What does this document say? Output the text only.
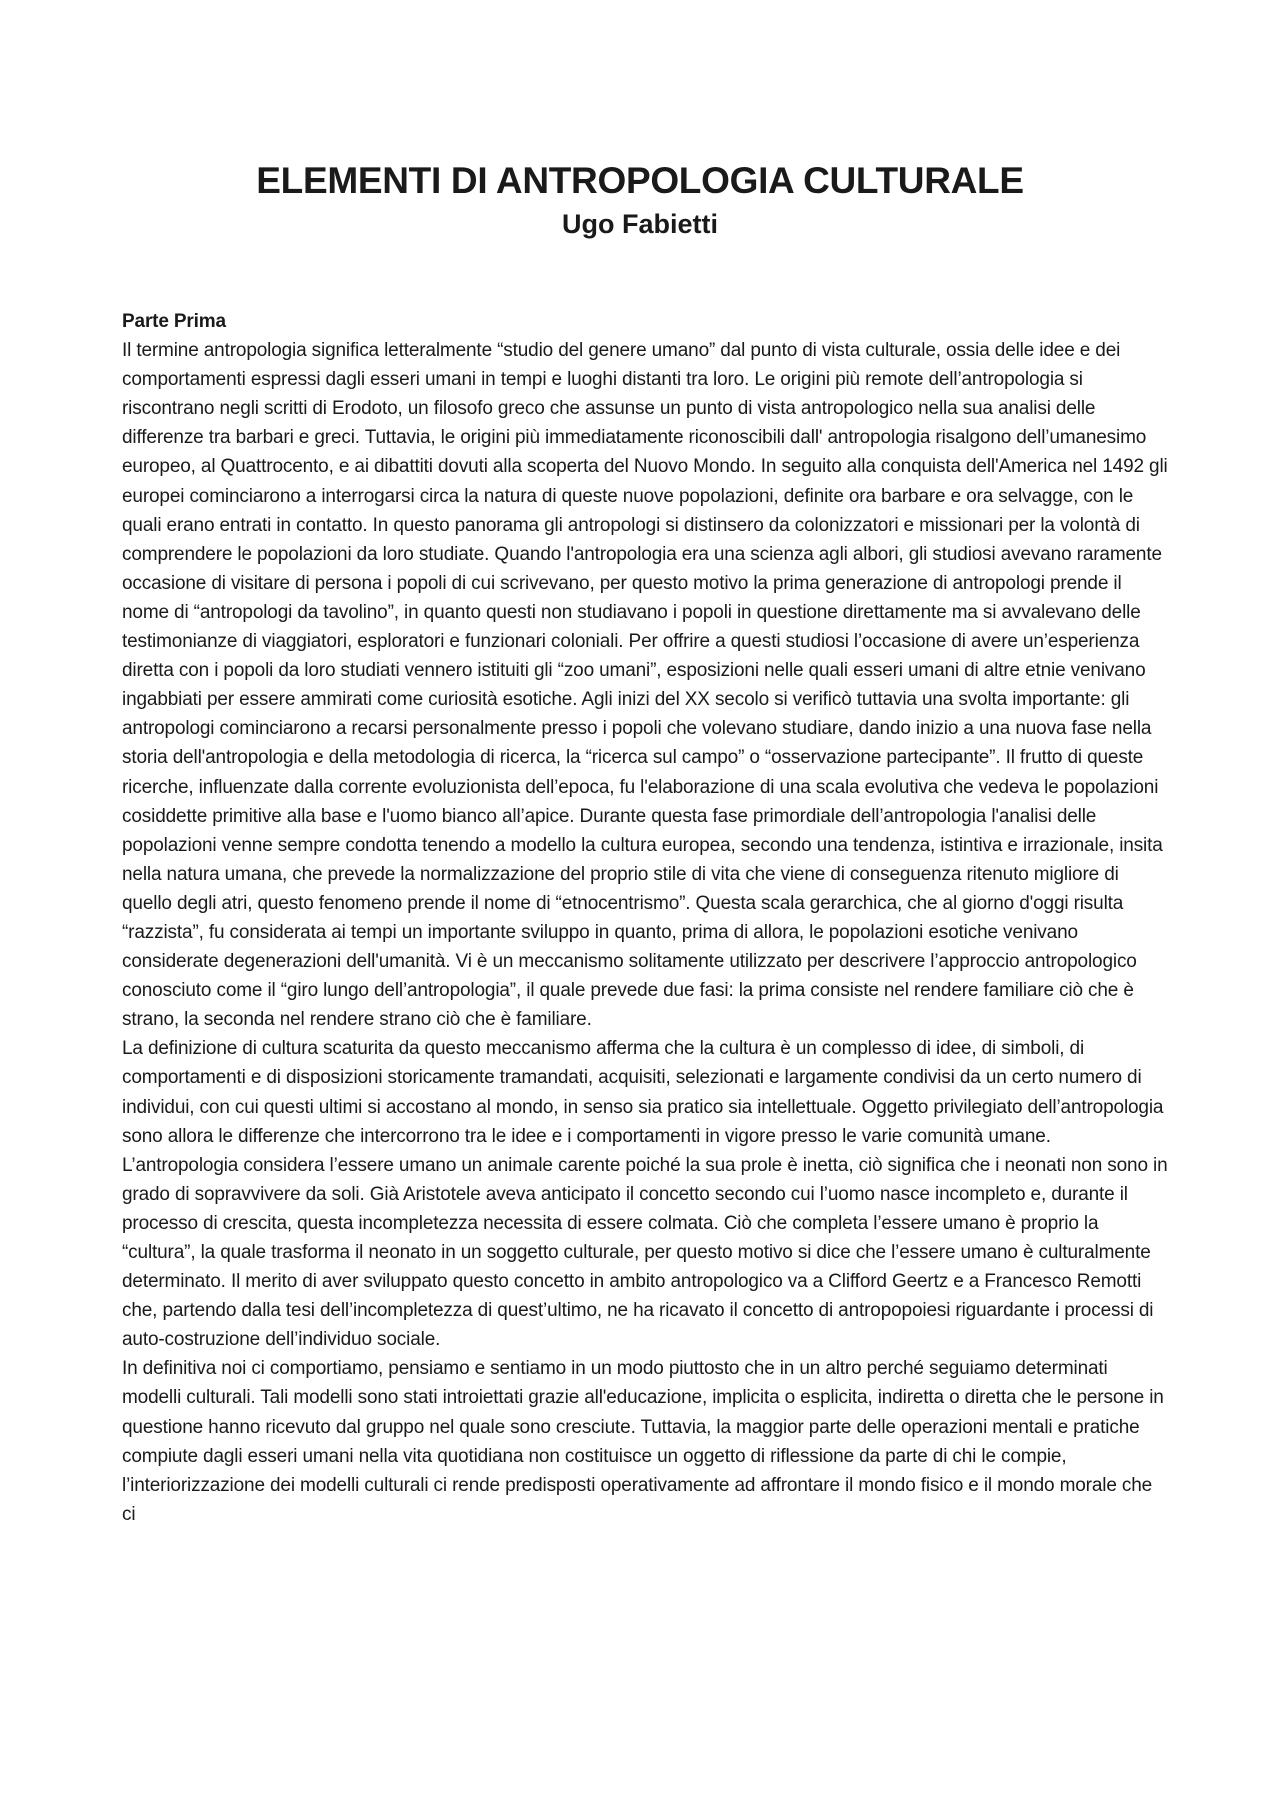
ELEMENTI DI ANTROPOLOGIA CULTURALE
Ugo Fabietti
Parte Prima

Il termine antropologia significa letteralmente “studio del genere umano” dal punto di vista culturale, ossia delle idee e dei comportamenti espressi dagli esseri umani in tempi e luoghi distanti tra loro. Le origini più remote dell’antropologia si riscontrano negli scritti di Erodoto, un filosofo greco che assunse un punto di vista antropologico nella sua analisi delle differenze tra barbari e greci. Tuttavia, le origini più immediatamente riconoscibili dall' antropologia risalgono dell’umanesimo europeo, al Quattrocento, e ai dibattiti dovuti alla scoperta del Nuovo Mondo. In seguito alla conquista dell'America nel 1492 gli europei cominciarono a interrogarsi circa la natura di queste nuove popolazioni, definite ora barbare e ora selvagge, con le quali erano entrati in contatto. In questo panorama gli antropologi si distinsero da colonizzatori e missionari per la volontà di comprendere le popolazioni da loro studiate. Quando l'antropologia era una scienza agli albori, gli studiosi avevano raramente occasione di visitare di persona i popoli di cui scrivevano, per questo motivo la prima generazione di antropologi prende il nome di “antropologi da tavolino”, in quanto questi non studiavano i popoli in questione direttamente ma si avvalevano delle testimonianze di viaggiatori, esploratori e funzionari coloniali. Per offrire a questi studiosi l’occasione di avere un’esperienza diretta con i popoli da loro studiati vennero istituiti gli “zoo umani”, esposizioni nelle quali esseri umani di altre etnie venivano ingabbiati per essere ammirati come curiosità esotiche. Agli inizi del XX secolo si verificò tuttavia una svolta importante: gli antropologi cominciarono a recarsi personalmente presso i popoli che volevano studiare, dando inizio a una nuova fase nella storia dell'antropologia e della metodologia di ricerca, la “ricerca sul campo” o “osservazione partecipante”. Il frutto di queste ricerche, influenzate dalla corrente evoluzionista dell’epoca, fu l'elaborazione di una scala evolutiva che vedeva le popolazioni cosiddette primitive alla base e l'uomo bianco all’apice. Durante questa fase primordiale dell’antropologia l'analisi delle popolazioni venne sempre condotta tenendo a modello la cultura europea, secondo una tendenza, istintiva e irrazionale, insita nella natura umana, che prevede la normalizzazione del proprio stile di vita che viene di conseguenza ritenuto migliore di quello degli atri, questo fenomeno prende il nome di “etnocentrismo”. Questa scala gerarchica, che al giorno d'oggi risulta “razzista”, fu considerata ai tempi un importante sviluppo in quanto, prima di allora, le popolazioni esotiche venivano considerate degenerazioni dell'umanità. Vi è un meccanismo solitamente utilizzato per descrivere l’approccio antropologico conosciuto come il “giro lungo dell’antropologia”, il quale prevede due fasi: la prima consiste nel rendere familiare ciò che è strano, la seconda nel rendere strano ciò che è familiare.

La definizione di cultura scaturita da questo meccanismo afferma che la cultura è un complesso di idee, di simboli, di comportamenti e di disposizioni storicamente tramandati, acquisiti, selezionati e largamente condivisi da un certo numero di individui, con cui questi ultimi si accostano al mondo, in senso sia pratico sia intellettuale. Oggetto privilegiato dell’antropologia sono allora le differenze che intercorrono tra le idee e i comportamenti in vigore presso le varie comunità umane. L’antropologia considera l’essere umano un animale carente poiché la sua prole è inetta, ciò significa che i neonati non sono in grado di sopravvivere da soli. Già Aristotele aveva anticipato il concetto secondo cui l’uomo nasce incompleto e, durante il processo di crescita, questa incompletezza necessita di essere colmata. Ciò che completa l’essere umano è proprio la “cultura”, la quale trasforma il neonato in un soggetto culturale, per questo motivo si dice che l’essere umano è culturalmente determinato. Il merito di aver sviluppato questo concetto in ambito antropologico va a Clifford Geertz e a Francesco Remotti che, partendo dalla tesi dell’incompletezza di quest’ultimo, ne ha ricavato il concetto di antropopoiesi riguardante i processi di auto-costruzione dell’individuo sociale.

In definitiva noi ci comportiamo, pensiamo e sentiamo in un modo piuttosto che in un altro perché seguiamo determinati modelli culturali. Tali modelli sono stati introiettati grazie all'educazione, implicita o esplicita, indiretta o diretta che le persone in questione hanno ricevuto dal gruppo nel quale sono cresciute. Tuttavia, la maggior parte delle operazioni mentali e pratiche compiute dagli esseri umani nella vita quotidiana non costituisce un oggetto di riflessione da parte di chi le compie, l’interiorizzazione dei modelli culturali ci rende predisposti operativamente ad affrontare il mondo fisico e il mondo morale che ci
